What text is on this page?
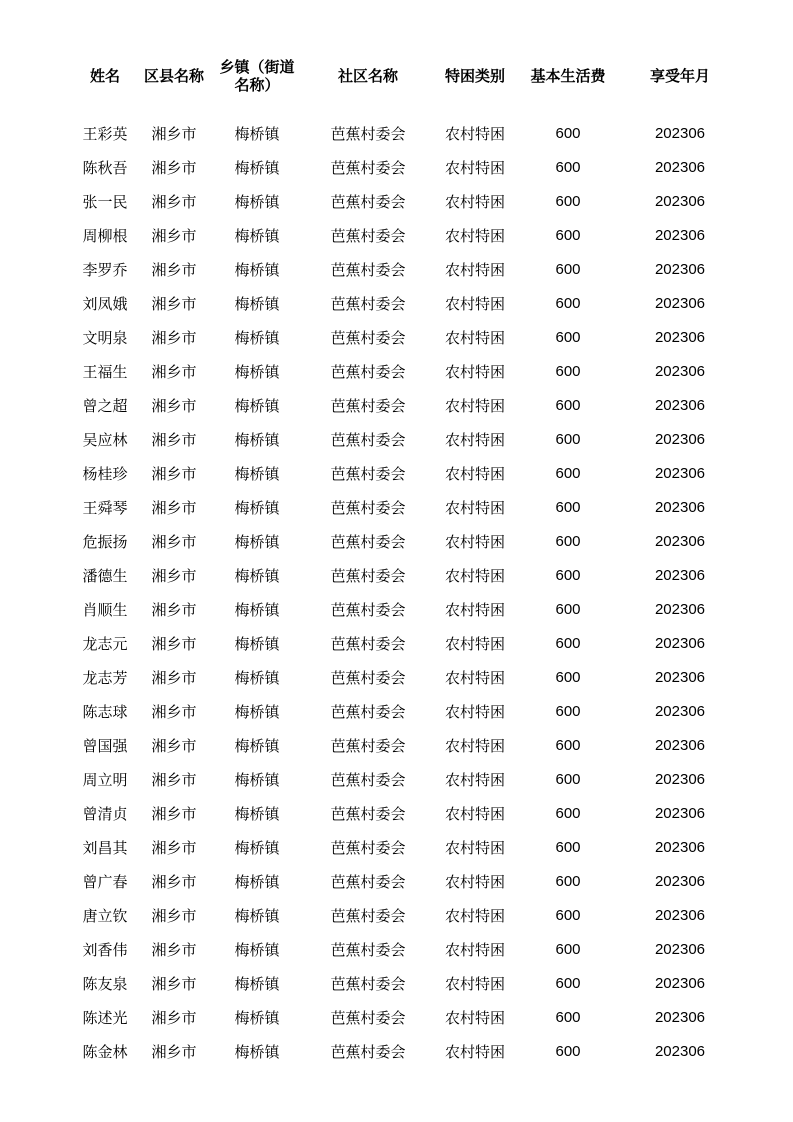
姓名	区县名称	乡镇（街道名称）	社区名称	特困类别	基本生活费	享受年月

王彩英	湘乡市	梅桥镇	芭蕉村委会	农村特困	600	202306
陈秋吾	湘乡市	梅桥镇	芭蕉村委会	农村特困	600	202306
张一民	湘乡市	梅桥镇	芭蕉村委会	农村特困	600	202306
周柳根	湘乡市	梅桥镇	芭蕉村委会	农村特困	600	202306
李罗乔	湘乡市	梅桥镇	芭蕉村委会	农村特困	600	202306
刘凤娥	湘乡市	梅桥镇	芭蕉村委会	农村特困	600	202306
文明泉	湘乡市	梅桥镇	芭蕉村委会	农村特困	600	202306
王福生	湘乡市	梅桥镇	芭蕉村委会	农村特困	600	202306
曾之超	湘乡市	梅桥镇	芭蕉村委会	农村特困	600	202306
吴应林	湘乡市	梅桥镇	芭蕉村委会	农村特困	600	202306
杨桂珍	湘乡市	梅桥镇	芭蕉村委会	农村特困	600	202306
王舜琴	湘乡市	梅桥镇	芭蕉村委会	农村特困	600	202306
危振扬	湘乡市	梅桥镇	芭蕉村委会	农村特困	600	202306
潘德生	湘乡市	梅桥镇	芭蕉村委会	农村特困	600	202306
肖顺生	湘乡市	梅桥镇	芭蕉村委会	农村特困	600	202306
龙志元	湘乡市	梅桥镇	芭蕉村委会	农村特困	600	202306
龙志芳	湘乡市	梅桥镇	芭蕉村委会	农村特困	600	202306
陈志球	湘乡市	梅桥镇	芭蕉村委会	农村特困	600	202306
曾国强	湘乡市	梅桥镇	芭蕉村委会	农村特困	600	202306
周立明	湘乡市	梅桥镇	芭蕉村委会	农村特困	600	202306
曾清贞	湘乡市	梅桥镇	芭蕉村委会	农村特困	600	202306
刘昌其	湘乡市	梅桥镇	芭蕉村委会	农村特困	600	202306
曾广春	湘乡市	梅桥镇	芭蕉村委会	农村特困	600	202306
唐立钦	湘乡市	梅桥镇	芭蕉村委会	农村特困	600	202306
刘香伟	湘乡市	梅桥镇	芭蕉村委会	农村特困	600	202306
陈友泉	湘乡市	梅桥镇	芭蕉村委会	农村特困	600	202306
陈述光	湘乡市	梅桥镇	芭蕉村委会	农村特困	600	202306
陈金林	湘乡市	梅桥镇	芭蕉村委会	农村特困	600	202306
